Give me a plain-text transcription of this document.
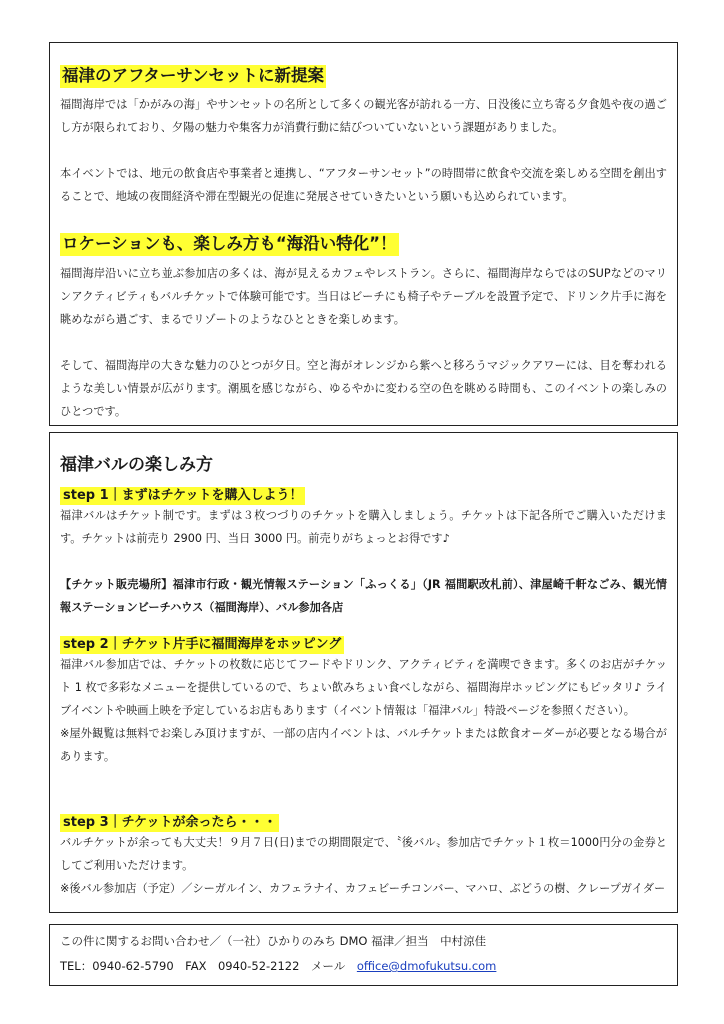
福津のアフターサンセットに新提案

福間海岸では「かがみの海」やサンセットの名所として多くの観光客が訪れる一方、日没後に立ち寄る夕食処や夜の過ごし方が限られており、夕陽の魅力や集客力が消費行動に結びついていないという課題がありました。

本イベントでは、地元の飲食店や事業者と連携し、“アフターサンセット”の時間帯に飲食や交流を楽しめる空間を創出することで、地域の夜間経済や滞在型観光の促進に発展させていきたいという願いも込められています。

ロケーションも、楽しみ方も“海沿い特化”！

福間海岸沿いに立ち並ぶ参加店の多くは、海が見えるカフェやレストラン。さらに、福間海岸ならではのSUPなどのマリンアクティビティもバルチケットで体験可能です。当日はビーチにも椅子やテーブルを設置予定で、ドリンク片手に海を眺めながら過ごす、まるでリゾートのようなひとときを楽しめます。

そして、福間海岸の大きな魅力のひとつが夕日。空と海がオレンジから紫へと移ろうマジックアワーには、目を奪われるような美しい情景が広がります。潮風を感じながら、ゆるやかに変わる空の色を眺める時間も、このイベントの楽しみのひとつです。

福津バルの楽しみ方

step 1｜まずはチケットを購入しよう！

福津バルはチケット制です。まずは３枚つづりのチケットを購入しましょう。チケットは下記各所でご購入いただけます。チケットは前売り 2900 円、当日 3000 円。前売りがちょっとお得です♪

【チケット販売場所】福津市行政・観光情報ステーション「ふっくる」（JR 福間駅改札前）、津屋崎千軒なごみ、観光情報ステーションビーチハウス（福間海岸）、バル参加各店

step 2｜チケット片手に福間海岸をホッピング

福津バル参加店では、チケットの枚数に応じてフードやドリンク、アクティビティを満喫できます。多くのお店がチケット 1 枚で多彩なメニューを提供しているので、ちょい飲みちょい食べしながら、福間海岸ホッピングにもピッタリ♪ ライブイベントや映画上映を予定しているお店もあります（イベント情報は「福津バル」特設ページを参照ください）。

※屋外観覧は無料でお楽しみ頂けますが、一部の店内イベントは、バルチケットまたは飲食オーダーが必要となる場合があります。

step 3｜チケットが余ったら・・・

バルチケットが余っても大丈夫！９月７日(日)までの期間限定で、〝後バル〟参加店でチケット１枚＝1000円分の金券としてご利用いただけます。

※後バル参加店（予定）／シーガルイン、カフェラナイ、カフェビーチコンバー、マハロ、ぶどうの樹、クレープガイダー

この件に関するお問い合わせ／（一社）ひかりのみち DMO 福津／担当　中村涼佳
TEL：0940-62-5790　FAX　0940-52-2122　メール office@dmofukutsu.com
